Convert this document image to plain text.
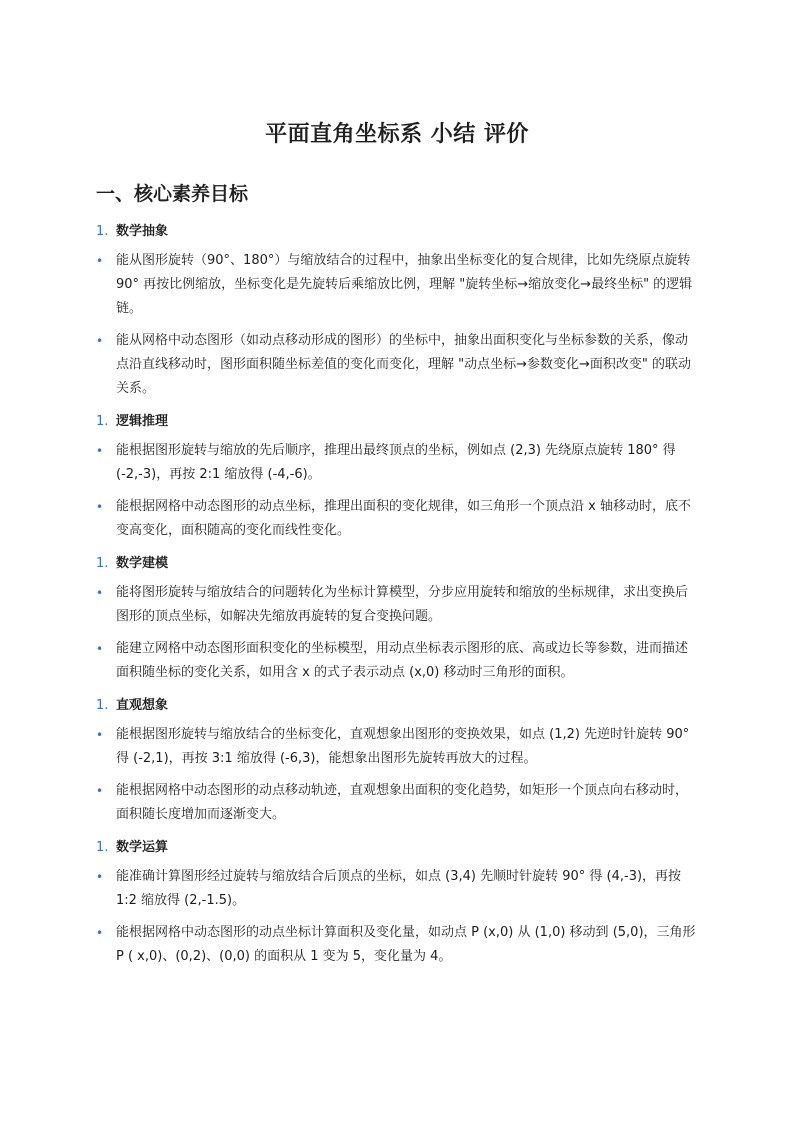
平面直角坐标系 小结 评价
一、核心素养目标
1. 数学抽象
• 能从图形旋转（90°、180°）与缩放结合的过程中，抽象出坐标变化的复合规律，比如先绕原点旋转 90° 再按比例缩放，坐标变化是先旋转后乘缩放比例，理解 "旋转坐标→缩放变化→最终坐标" 的逻辑链。
• 能从网格中动态图形（如动点移动形成的图形）的坐标中，抽象出面积变化与坐标参数的关系，像动点沿直线移动时，图形面积随坐标差值的变化而变化，理解 "动点坐标→参数变化→面积改变" 的联动关系。
1. 逻辑推理
• 能根据图形旋转与缩放的先后顺序，推理出最终顶点的坐标，例如点 (2,3) 先绕原点旋转 180° 得 (-2,-3)，再按 2:1 缩放得 (-4,-6)。
• 能根据网格中动态图形的动点坐标，推理出面积的变化规律，如三角形一个顶点沿 x 轴移动时，底不变高变化，面积随高的变化而线性变化。
1. 数学建模
• 能将图形旋转与缩放结合的问题转化为坐标计算模型，分步应用旋转和缩放的坐标规律，求出变换后图形的顶点坐标，如解决先缩放再旋转的复合变换问题。
• 能建立网格中动态图形面积变化的坐标模型，用动点坐标表示图形的底、高或边长等参数，进而描述面积随坐标的变化关系，如用含 x 的式子表示动点 (x,0) 移动时三角形的面积。
1. 直观想象
• 能根据图形旋转与缩放结合的坐标变化，直观想象出图形的变换效果，如点 (1,2) 先逆时针旋转 90° 得 (-2,1)，再按 3:1 缩放得 (-6,3)，能想象出图形先旋转再放大的过程。
• 能根据网格中动态图形的动点移动轨迹，直观想象出面积的变化趋势，如矩形一个顶点向右移动时，面积随长度增加而逐渐变大。
1. 数学运算
• 能准确计算图形经过旋转与缩放结合后顶点的坐标，如点 (3,4) 先顺时针旋转 90° 得 (4,-3)，再按 1:2 缩放得 (2,-1.5)。
• 能根据网格中动态图形的动点坐标计算面积及变化量，如动点 P (x,0) 从 (1,0) 移动到 (5,0)，三角形 P ( x,0)、(0,2)、(0,0) 的面积从 1 变为 5，变化量为 4。
